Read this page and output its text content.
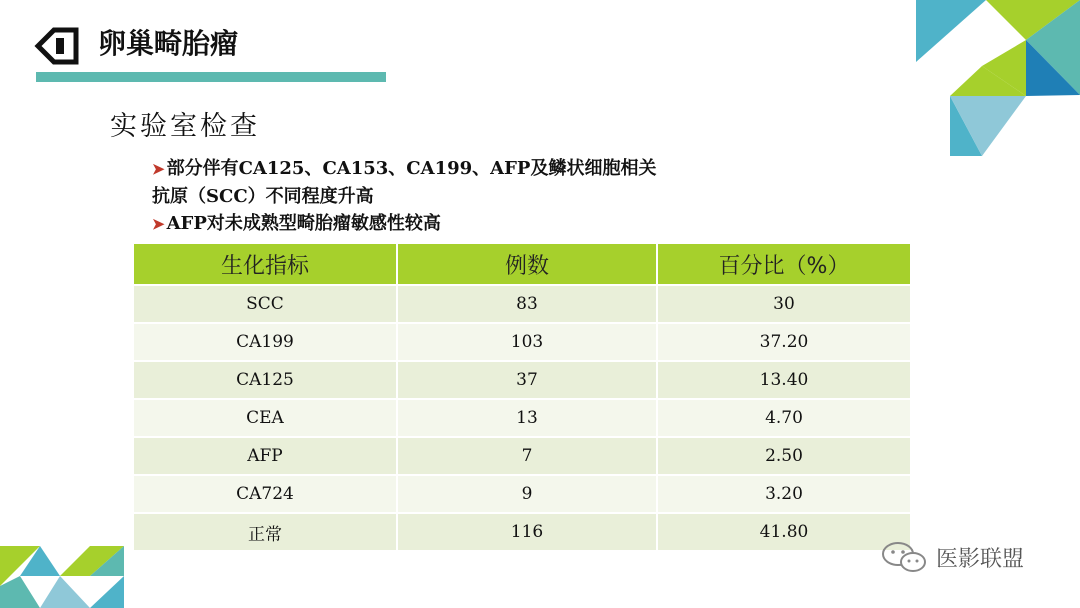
卵巢畸胎瘤
实验室检查
➤ 部分伴有CA125、CA153、CA199、AFP及鳞状细胞相关
抗原（SCC）不同程度升高
➤ AFP对未成熟型畸胎瘤敏感性较高
生化指标	例数	百分比（%）
SCC	83	30
CA199	103	37.20
CA125	37	13.40
CEA	13	4.70
AFP	7	2.50
CA724	9	3.20
正常	116	41.80
医影联盟
